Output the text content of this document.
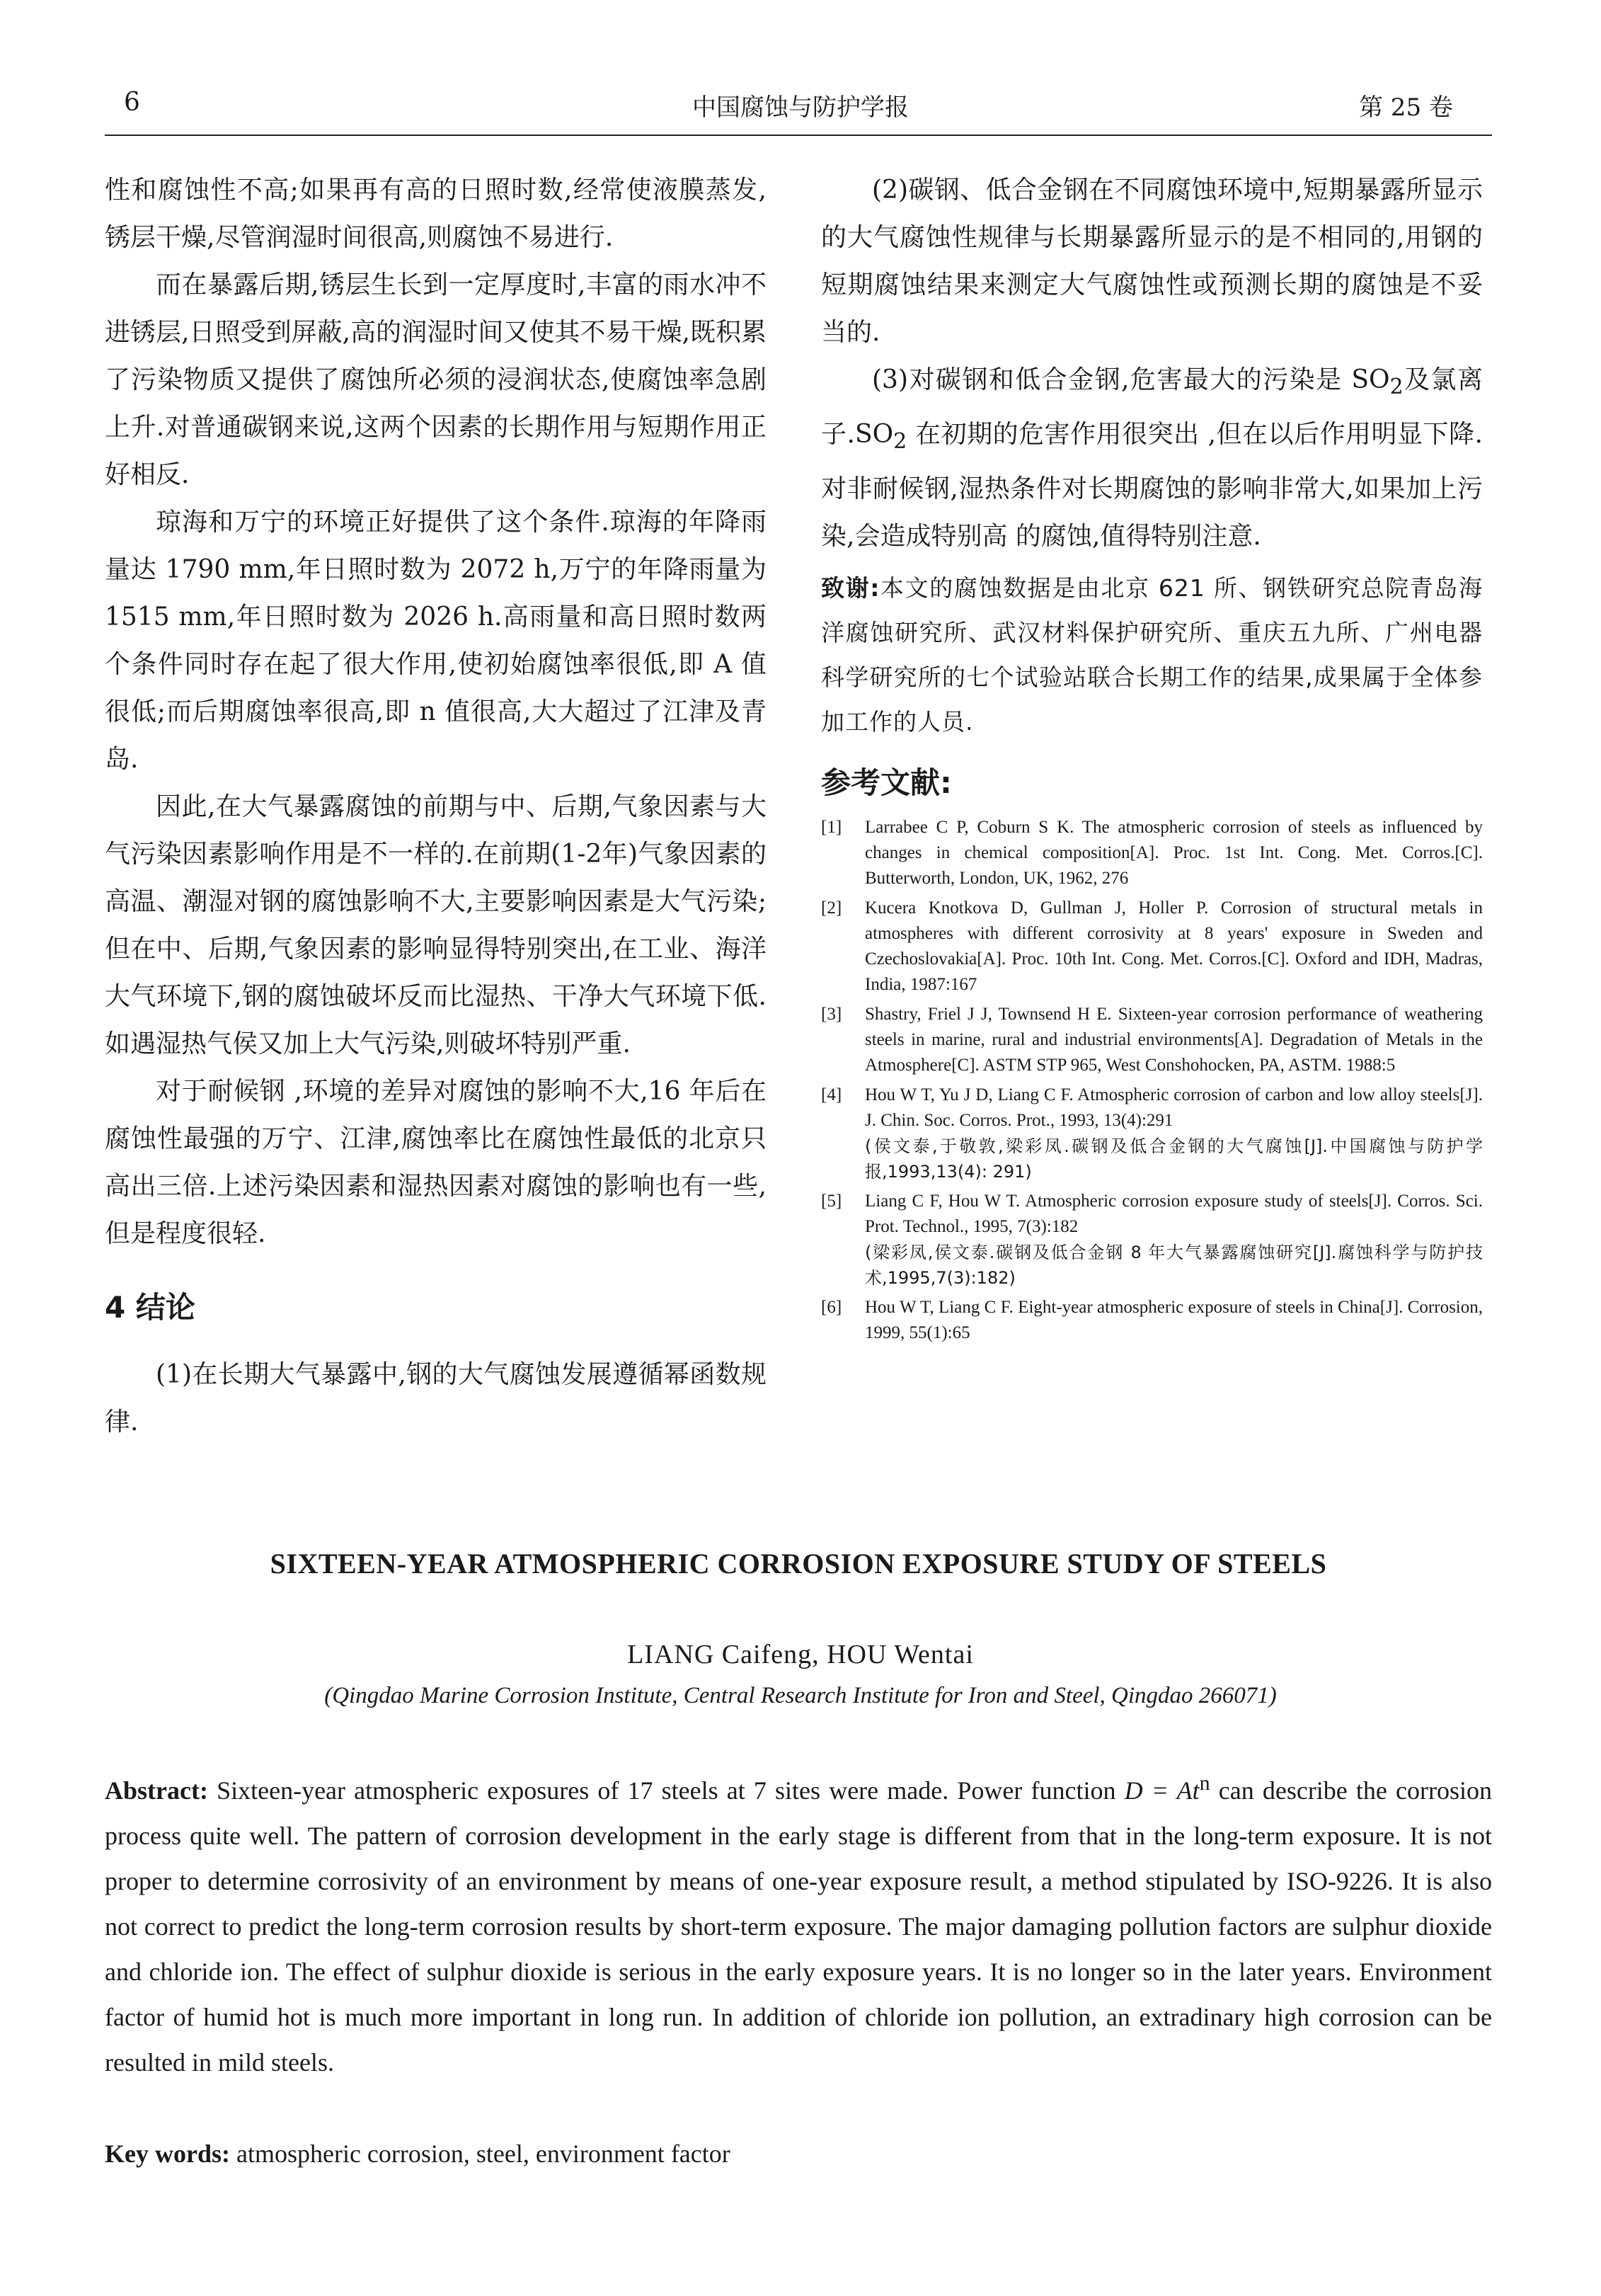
6	中国腐蚀与防护学报	第 25 卷

性和腐蚀性不高;如果再有高的日照时数,经常使液膜蒸发,锈层干燥,尽管润湿时间很高,则腐蚀不易进行.

而在暴露后期,锈层生长到一定厚度时,丰富的雨水冲不进锈层,日照受到屏蔽,高的润湿时间又使其不易干燥,既积累了污染物质又提供了腐蚀所必须的浸润状态,使腐蚀率急剧上升.对普通碳钢来说,这两个因素的长期作用与短期作用正好相反.

琼海和万宁的环境正好提供了这个条件.琼海的年降雨量达 1790 mm,年日照时数为 2072 h,万宁的年降雨量为 1515 mm,年日照时数为 2026 h.高雨量和高日照时数两个条件同时存在起了很大作用,使初始腐蚀率很低,即 A 值很低;而后期腐蚀率很高,即 n 值很高,大大超过了江津及青岛.

因此,在大气暴露腐蚀的前期与中、后期,气象因素与大气污染因素影响作用是不一样的.在前期(1-2年)气象因素的高温、潮湿对钢的腐蚀影响不大,主要影响因素是大气污染;但在中、后期,气象因素的影响显得特别突出,在工业、海洋大气环境下,钢的腐蚀破坏反而比湿热、干净大气环境下低.如遇湿热气侯又加上大气污染,则破坏特别严重.

对于耐候钢 ,环境的差异对腐蚀的影响不大,16 年后在腐蚀性最强的万宁、江津,腐蚀率比在腐蚀性最低的北京只高出三倍.上述污染因素和湿热因素对腐蚀的影响也有一些,但是程度很轻.

4 结论

(1)在长期大气暴露中,钢的大气腐蚀发展遵循幂函数规律.

(2)碳钢、低合金钢在不同腐蚀环境中,短期暴露所显示的大气腐蚀性规律与长期暴露所显示的是不相同的,用钢的短期腐蚀结果来测定大气腐蚀性或预测长期的腐蚀是不妥当的.

(3)对碳钢和低合金钢,危害最大的污染是 $SO_2$及氯离子$.SO_2$ 在初期的危害作用很突出 ,但在以后作用明显下降.对非耐候钢,湿热条件对长期腐蚀的影响非常大,如果加上污染,会造成特别高 的腐蚀,值得特别注意.

致谢:本文的腐蚀数据是由北京 621 所、钢铁研究总院青岛海洋腐蚀研究所、武汉材料保护研究所、重庆五九所、广州电器科学研究所的七个试验站联合长期工作的结果,成果属于全体参加工作的人员.

参考文献:
[1] Larrabee C P, Coburn S K. The atmospheric corrosion of steels as influenced by changes in chemical composition[A]. Proc. 1st Int. Cong. Met. Corros.[C]. Butterworth, London, UK, 1962, 276
[2] Kucera Knotkova D, Gullman J, Holler P. Corrosion of structural metals in atmospheres with different corrosivity at 8 years' exposure in Sweden and Czechoslovakia[A]. Proc. 10th Int. Cong. Met. Corros.[C]. Oxford and IDH, Madras, India, 1987:167
[3] Shastry, Friel J J, Townsend H E. Sixteen-year corrosion performance of weathering steels in marine, rural and industrial environments[A]. Degradation of Metals in the Atmosphere[C]. ASTM STP 965, West Conshohocken, PA, ASTM. 1988:5
[4] Hou W T, Yu J D, Liang C F. Atmospheric corrosion of carbon and low alloy steels[J]. J. Chin. Soc. Corros. Prot., 1993, 13(4):291
(侯文泰,于敬敦,梁彩凤.碳钢及低合金钢的大气腐蚀[J].中国腐蚀与防护学报,1993,13(4): 291)
[5] Liang C F, Hou W T. Atmospheric corrosion exposure study of steels[J]. Corros. Sci. Prot. Technol., 1995, 7(3):182
(梁彩凤,侯文泰.碳钢及低合金钢 8 年大气暴露腐蚀研究[J].腐蚀科学与防护技术,1995,7(3):182)
[6] Hou W T, Liang C F. Eight-year atmospheric exposure of steels in China[J]. Corrosion, 1999, 55(1):65
SIXTEEN-YEAR ATMOSPHERIC CORROSION EXPOSURE STUDY OF STEELS
LIANG Caifeng, HOU Wentai
(Qingdao Marine Corrosion Institute, Central Research Institute for Iron and Steel, Qingdao 266071)

Abstract: Sixteen-year atmospheric exposures of 17 steels at 7 sites were made. Power function $D = At^n$ can describe the corrosion process quite well. The pattern of corrosion development in the early stage is different from that in the long-term exposure. It is not proper to determine corrosivity of an environment by means of one-year exposure result, a method stipulated by ISO-9226. It is also not correct to predict the long-term corrosion results by short-term exposure. The major damaging pollution factors are sulphur dioxide and chloride ion. The effect of sulphur dioxide is serious in the early exposure years. It is no longer so in the later years. Environment factor of humid hot is much more important in long run. In addition of chloride ion pollution, an extradinary high corrosion can be resulted in mild steels.

Key words: atmospheric corrosion, steel, environment factor
